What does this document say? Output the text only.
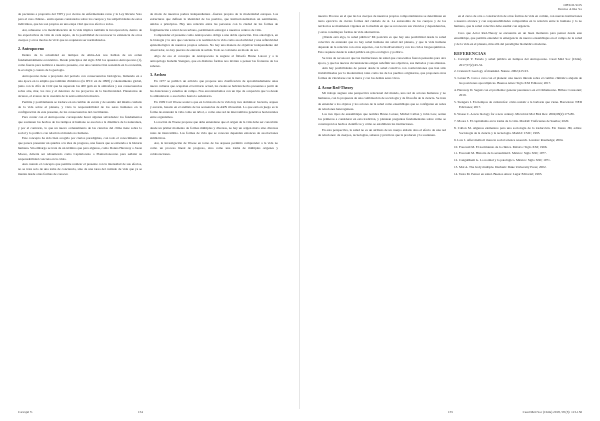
de pacientes a propósito del VIH y por ciertos de enfermedades raras y la Ley Ricarte Soto para el caso chileno– están apenas constatados sobre los cuerpos y las subjetividades de estos individuos, que les son propios en una etapa vital que nos afecta a todos.

Así, rehusarse a la medicalización de la vida implica también la incorporación, dentro de las expectativas de vida de cada sujeto, de la posibilidad de reconocer la existencia de otros cuerpos y otros modos de vivir que no requieren ser normalizados.

2. Antropoceno

Dentro de la actualidad en tiempos de Alma-Ata nos hablan de un orden fundamentalmente económico. Desde principios del siglo XXI los apuestos Antropoceno (1), como fuerza para nombrar a nuestro presente, con una construcción sostenida en la economía, la ecología y cuanto de la geología.

Antropoceno tiene a propósito del período con consecuencias biológicas, llamando en a una época en ta amplia que también climáticos (la IPCC en de 1998) y calentamiento global, junto con la cifra de CO2 que ha superado las 400 ppm en la atmósfera y sus consecuencias sobre aire, mar, los ríos y el deterioro de los proyectos de la biodiversidad. Planetarios de alcance, el avance de la cuestión de la sexta extinción masiva.

Permite y posiblemente se traduce en un cambio de escala y de sentido del mismo cuidado de la vida sobre el planeta, y vista la responsabilidad de los seres humanos en la configuración de este presente, de las consecuencias del crecimiento.

Para contar con el Antropoceno corresponde hacer algunas salvedades: los fundamentos que sostienen los hechos de los tiempos al humano se asocian a la dinámica de la naturaleza, y por el contrario, lo que un nuevo ordenamiento de las ciencias del clima tiene sobre lo social y lo político con relación al mundo no humano.

Este concepto ha sido bien acogido por ciertos paradigmas, con todo el conocimiento de que parece presentar un quiebre a la idea de progreso, una fuerza que se extienda a la historia humana. Sin embargo se trata de un término que para algunos, como Donna Haraway o Jason Moore, debería ser rebautizado como Capitaloceno o Plantacionoceno para señalar su responsabilidad concreta en la crisis.

Aun cuando el concepto que permite realizar el presente con la intensidad de sus efectos, no se trata solo de una toma de conciencia, sino de una tarea del cuidado de vida que ya se intenta desde otras formas de conocer.

de modo de nuestros padres independientes –fuertes propios de la modernidad europea. Las estructuras que definen la identidad de los pueblos, que institucionalizaban un sentimiento, unidos a principios. Hay una relación entre las personas con la ciudad de las formas de fragmentación a nivel de un urbano, permitiendo entregar a nuestros centros de vida.

Comprender el presente como Antropoceno obliga a una doble operación. Una ontológica, en la biología y la otra que concierne a la realidad de la vida como asociatividad y una reflexividad epistemológica de nuestros propios saberes. No hay una manera de objetivar independiente del observador, no hay puertos de entrada ni salida. Todo se convierte en modo de ser.

Algo de eso el concepto de Antropoceno le sugiere al filósofo Bruno Latour y a la antropóloga Isabelle Stengers, que en distintas formas nos invitan a pensar las fronteras de los saberes.

3. Archeo

En 1977 se publicó un artículo que propone una clasificación de aproximadamente unas nueve culturas que ocupaban el territorio actual, las cuales se habrían hecho presentes a partir de las dataciones y estudios de campo. Nos encontraríamos con un tipo de ocupación que va desde lo ambulatorio o asociativo hasta lo sedentario.

En 1999 Carl Woese sostuvo que en la historia de la vida hay tres dominios: bacteria, arquea y eucaria, basado en el análisis de las secuencias de ARN ribosomal. Lo que está en juego es la forma de entender la vida como un árbol, o como una red de intercambios genéticos horizontales entre organismos.

La noción de Woese propone que debe entenderse que el origen de la vida debe ser concebido desde un primer momento de formas múltiples y diversas, no hay un origen único sino diversas rutas de intercambio. Las formas de vida que se conocen dependen entonces de asociaciones simbióticas.

Así, la investigación de Woese en torno de las arqueas permitió comprender a la vida no como un proceso lineal de progreso, sino como una trama de múltiples orígenes y colaboraciones.

Carvajal V.	154
OBSOLSOS
Denise Alma Sa

nuestro Proceso en el que las los cuerpos de nuestros propios comportamientos se determinan en tanto ejercicio de ciertas formas del cuidado de sí. La autonomía de los cuerpos y de los territorios se mantienen vigentes en la medida en que se reconocen sus vínculos y dependencias, y estas constituyen formas de vida alternativas.

¿Dónde está algo, la salud pública? Mi posición es que hay una posibilidad desde la salud colectiva de entender que no hay salud humana sin salud del planeta, y que la vida humana depende de la relación con otras especies, con la biodiversidad y con los ciclos biogeoquímicos. Esto requiere desde la salud pública un giro ecológico y político.

Se trata de reconocer que las instituciones de salud que conocemos fueron pensadas para otra época, y que las nuevas circunstancias exigen redefinir sus objetivos, sus métodos y sus alianzas.

Aún hay posibilidades de pensar desde la salud colectiva con cosmovisiones que han sido invisibilizadas por la modernidad, tales como las de los pueblos originarios, que proponen otras formas de vincularse con la tierra y con los demás seres vivos.

4. Acme Red-Theory

Mi trabajo sugiere una perspectiva relacional del mundo, una red de actores humanos y no humanos, con la propuesta de una combinación de sociología y de filosofía de la ciencia. Se trata de entender a los objetos y los actores de la salud como ensamblajes que se configuran en redes de relaciones heterogéneas.

Los tres tipos de ensamblajes que nombra Bruno Latour, Michel Callon y John Law, serían los primeros a considerar en esta tradición, y plantean preguntas fundamentales sobre cómo se construyen los hechos científicos y cómo se estabilizan las instituciones.

En esta perspectiva, la salud no es un atributo de un cuerpo aislado sino el efecto de una red de relaciones: de cuerpos, tecnologías, saberes y prácticas que la producen y la sostienen.

en el curso de otra o construcción de otras formas de vida en común, con nuevas instituciones a nuestro alcance y con responsabilidades compartidas en la relación entre lo humano y lo no humano, que la salud colectiva debe asumir con urgencia.

Creo que Actor Red-Theory se encuentra en un buen momento para pensar desde este ensamblaje, que permita entender la emergencia de nuevos ensamblajes en el campo de la salud y de la vida en el planeta, más allá del paradigma biomédico moderno.

REFERENCIAS

1. Carvajal Y. Estado y salud pública en tiempos del Antropoceno. Cuad Méd Soc (Chile). 2017;57(2):45-52.

2. Crutzen P. Geology of mankind. Nature. 2002;415:23.

3. Latour B. Cara a cara con el planeta: una nueva mirada sobre el cambio climático alejada de las posiciones apocalípticas. Buenos Aires: Siglo XXI Editores; 2017.

4. Haraway D. Seguir con el problema: generar parentesco en el Chthuluceno. Bilbao: Consonni; 2019.

5. Stengers I. En tiempos de catástrofes: cómo resistir a la barbarie que viene. Barcelona: NED Ediciones; 2017.

6. Woese C. A new biology for a new century. Microbiol Mol Biol Rev. 2004;68(2):173-86.

7. Moore J. El capitalismo en la trama de la vida. Madrid: Traficantes de Sueños; 2020.

8. Callon M. Algunos elementos para una sociología de la traducción. En: Iranzo JM, editor. Sociología de la ciencia y la tecnología. Madrid: CSIC; 1995.

9. Law J. After method: mess in social science research. London: Routledge; 2004.

10. Foucault M. El nacimiento de la clínica. México: Siglo XXI; 1966.

11. Foucault M. Historia de la sexualidad I. México: Siglo XXI; 1977.

12. Canguilhem G. Lo normal y lo patológico. México: Siglo XXI; 1971.

13. Mol A. The body multiple. Durham: Duke University Press; 2002.

14. Testa M. Pensar en salud. Buenos Aires: Lugar Editorial; 1993.

155	Cuad Méd Soc (Chile) 2018, 58 (3): 113-156
